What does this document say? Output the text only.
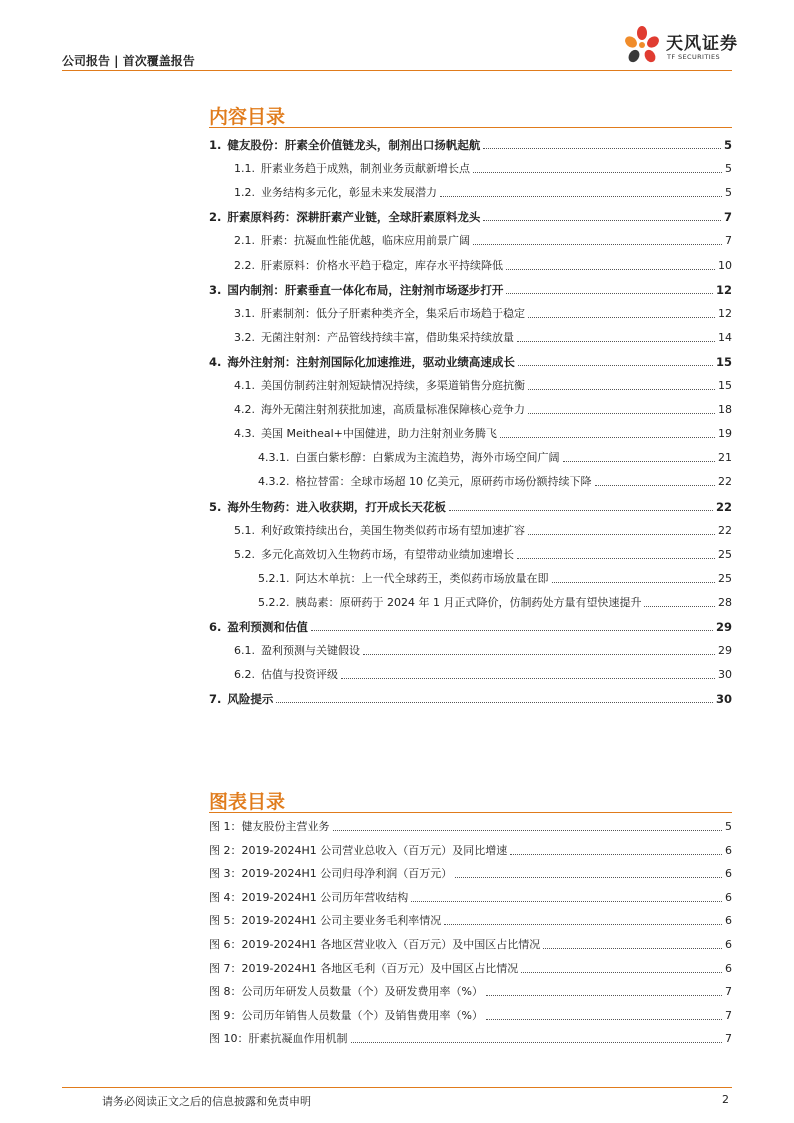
公司报告 | 首次覆盖报告
天风证券
TF SECURITIES
内容目录
1. 健友股份：肝素全价值链龙头，制剂出口扬帆起航	5
1.1. 肝素业务趋于成熟，制剂业务贡献新增长点	5
1.2. 业务结构多元化，彰显未来发展潜力	5
2. 肝素原料药：深耕肝素产业链，全球肝素原料龙头	7
2.1. 肝素：抗凝血性能优越，临床应用前景广阔	7
2.2. 肝素原料：价格水平趋于稳定，库存水平持续降低	10
3. 国内制剂：肝素垂直一体化布局，注射剂市场逐步打开	12
3.1. 肝素制剂：低分子肝素种类齐全，集采后市场趋于稳定	12
3.2. 无菌注射剂：产品管线持续丰富，借助集采持续放量	14
4. 海外注射剂：注射剂国际化加速推进，驱动业绩高速成长	15
4.1. 美国仿制药注射剂短缺情况持续，多渠道销售分庭抗衡	15
4.2. 海外无菌注射剂获批加速，高质量标准保障核心竞争力	18
4.3. 美国 Meitheal+中国健进，助力注射剂业务腾飞	19
4.3.1. 白蛋白紫杉醇：白紫成为主流趋势，海外市场空间广阔	21
4.3.2. 格拉替雷：全球市场超 10 亿美元，原研药市场份额持续下降	22
5. 海外生物药：进入收获期，打开成长天花板	22
5.1. 利好政策持续出台，美国生物类似药市场有望加速扩容	22
5.2. 多元化高效切入生物药市场，有望带动业绩加速增长	25
5.2.1. 阿达木单抗：上一代全球药王，类似药市场放量在即	25
5.2.2. 胰岛素：原研药于 2024 年 1 月正式降价，仿制药处方量有望快速提升	28
6. 盈利预测和估值	29
6.1. 盈利预测与关键假设	29
6.2. 估值与投资评级	30
7. 风险提示	30
图表目录
图 1：健友股份主营业务	5
图 2：2019-2024H1 公司营业总收入（百万元）及同比增速	6
图 3：2019-2024H1 公司归母净利润（百万元）	6
图 4：2019-2024H1 公司历年营收结构	6
图 5：2019-2024H1 公司主要业务毛利率情况	6
图 6：2019-2024H1 各地区营业收入（百万元）及中国区占比情况	6
图 7：2019-2024H1 各地区毛利（百万元）及中国区占比情况	6
图 8：公司历年研发人员数量（个）及研发费用率（%）	7
图 9：公司历年销售人员数量（个）及销售费用率（%）	7
图 10：肝素抗凝血作用机制	7
请务必阅读正文之后的信息披露和免责申明	2
